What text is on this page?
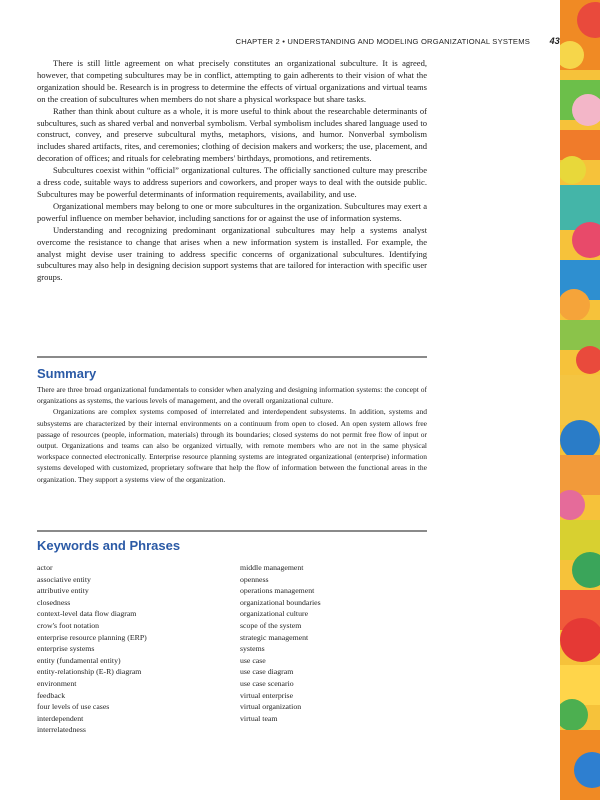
CHAPTER 2 • UNDERSTANDING AND MODELING ORGANIZATIONAL SYSTEMS 43

There is still little agreement on what precisely constitutes an organizational subculture. It is agreed, however, that competing subcultures may be in conflict, attempting to gain adherents to their vision of what the organization should be. Research is in progress to determine the effects of virtual organizations and virtual teams on the creation of subcultures when members do not share a physical workspace but share tasks.

Rather than think about culture as a whole, it is more useful to think about the researchable determinants of subcultures, such as shared verbal and nonverbal symbolism. Verbal symbolism includes shared language used to construct, convey, and preserve subcultural myths, metaphors, visions, and humor. Nonverbal symbolism includes shared artifacts, rites, and ceremonies; clothing of decision makers and workers; the use, placement, and decoration of offices; and rituals for celebrating members' birthdays, promotions, and retirements.

Subcultures coexist within “official” organizational cultures. The officially sanctioned culture may prescribe a dress code, suitable ways to address superiors and coworkers, and proper ways to deal with the outside public. Subcultures may be powerful determinants of information requirements, availability, and use.

Organizational members may belong to one or more subcultures in the organization. Subcultures may exert a powerful influence on member behavior, including sanctions for or against the use of information systems.

Understanding and recognizing predominant organizational subcultures may help a systems analyst overcome the resistance to change that arises when a new information system is installed. For example, the analyst might devise user training to address specific concerns of organizational subcultures. Identifying subcultures may also help in designing decision support systems that are tailored for interaction with specific user groups.

Summary

There are three broad organizational fundamentals to consider when analyzing and designing information systems: the concept of organizations as systems, the various levels of management, and the overall organizational culture.

Organizations are complex systems composed of interrelated and interdependent subsystems. In addition, systems and subsystems are characterized by their internal environments on a continuum from open to closed. An open system allows free passage of resources (people, information, materials) through its boundaries; closed systems do not permit free flow of input or output. Organizations and teams can also be organized virtually, with remote members who are not in the same physical workspace connected electronically. Enterprise resource planning systems are integrated organizational (enterprise) information systems developed with customized, proprietary software that help the flow of information between the functional areas in the organization. They support a systems view of the organization.

Keywords and Phrases
actor
associative entity
attributive entity
closedness
context-level data flow diagram
crow's foot notation
enterprise resource planning (ERP)
enterprise systems
entity (fundamental entity)
entity-relationship (E-R) diagram
environment
feedback
four levels of use cases
interdependent
interrelatedness
middle management
openness
operations management
organizational boundaries
organizational culture
scope of the system
strategic management
systems
use case
use case diagram
use case scenario
virtual enterprise
virtual organization
virtual team
